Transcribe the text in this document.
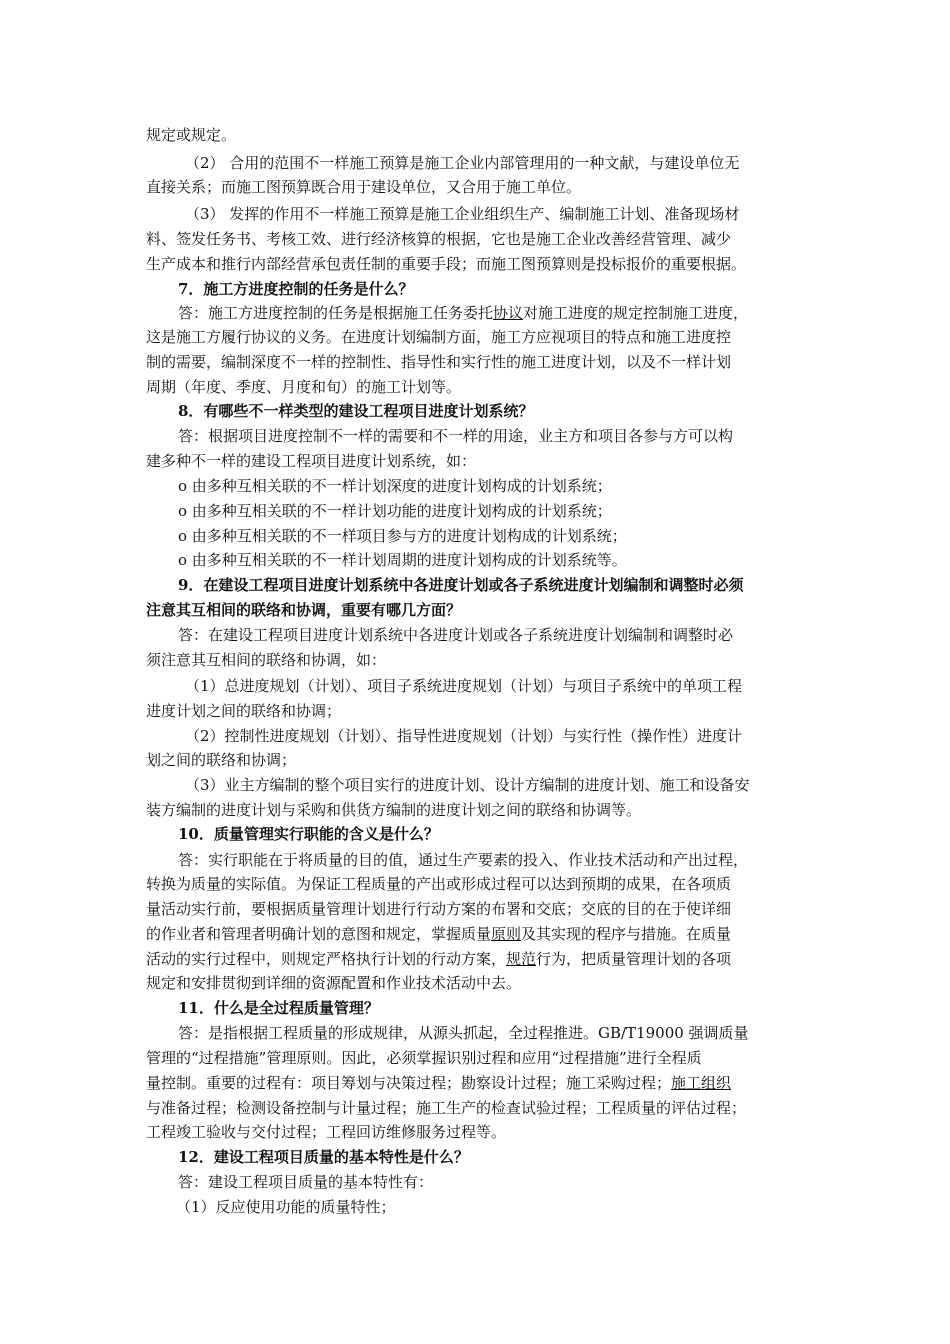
规定或规定。
（2） 合用的范围不一样施工预算是施工企业内部管理用的一种文献，与建设单位无
直接关系；而施工图预算既合用于建设单位，又合用于施工单位。
（3） 发挥的作用不一样施工预算是施工企业组织生产、编制施工计划、准备现场材
料、签发任务书、考核工效、进行经济核算的根据，它也是施工企业改善经营管理、减少
生产成本和推行内部经营承包责任制的重要手段；而施工图预算则是投标报价的重要根据。
7．施工方进度控制的任务是什么？
答：施工方进度控制的任务是根据施工任务委托协议对施工进度的规定控制施工进度，
这是施工方履行协议的义务。在进度计划编制方面，施工方应视项目的特点和施工进度控
制的需要，编制深度不一样的控制性、指导性和实行性的施工进度计划，以及不一样计划
周期（年度、季度、月度和旬）的施工计划等。
8．有哪些不一样类型的建设工程项目进度计划系统？
答：根据项目进度控制不一样的需要和不一样的用途，业主方和项目各参与方可以构
建多种不一样的建设工程项目进度计划系统，如：
o 由多种互相关联的不一样计划深度的进度计划构成的计划系统；
o 由多种互相关联的不一样计划功能的进度计划构成的计划系统；
o 由多种互相关联的不一样项目参与方的进度计划构成的计划系统；
o 由多种互相关联的不一样计划周期的进度计划构成的计划系统等。
9．在建设工程项目进度计划系统中各进度计划或各子系统进度计划编制和调整时必须
注意其互相间的联络和协调，重要有哪几方面？
答：在建设工程项目进度计划系统中各进度计划或各子系统进度计划编制和调整时必
须注意其互相间的联络和协调，如：
（1）总进度规划（计划）、项目子系统进度规划（计划）与项目子系统中的单项工程
进度计划之间的联络和协调；
（2）控制性进度规划（计划）、指导性进度规划（计划）与实行性（操作性）进度计
划之间的联络和协调；
（3）业主方编制的整个项目实行的进度计划、设计方编制的进度计划、施工和设备安
装方编制的进度计划与采购和供货方编制的进度计划之间的联络和协调等。
10．质量管理实行职能的含义是什么？
答：实行职能在于将质量的目的值，通过生产要素的投入、作业技术活动和产出过程，
转换为质量的实际值。为保证工程质量的产出或形成过程可以达到预期的成果，在各项质
量活动实行前，要根据质量管理计划进行行动方案的布署和交底；交底的目的在于使详细
的作业者和管理者明确计划的意图和规定，掌握质量原则及其实现的程序与措施。在质量
活动的实行过程中，则规定严格执行计划的行动方案，规范行为，把质量管理计划的各项
规定和安排贯彻到详细的资源配置和作业技术活动中去。
11．什么是全过程质量管理？
答：是指根据工程质量的形成规律，从源头抓起，全过程推进。GB/T19000 强调质量
管理的“过程措施”管理原则。因此，必须掌握识别过程和应用“过程措施”进行全程质
量控制。重要的过程有：项目筹划与决策过程；勘察设计过程；施工采购过程；施工组织
与准备过程；检测设备控制与计量过程；施工生产的检查试验过程；工程质量的评估过程；
工程竣工验收与交付过程；工程回访维修服务过程等。
12．建设工程项目质量的基本特性是什么？
答：建设工程项目质量的基本特性有：
（1）反应使用功能的质量特性；
